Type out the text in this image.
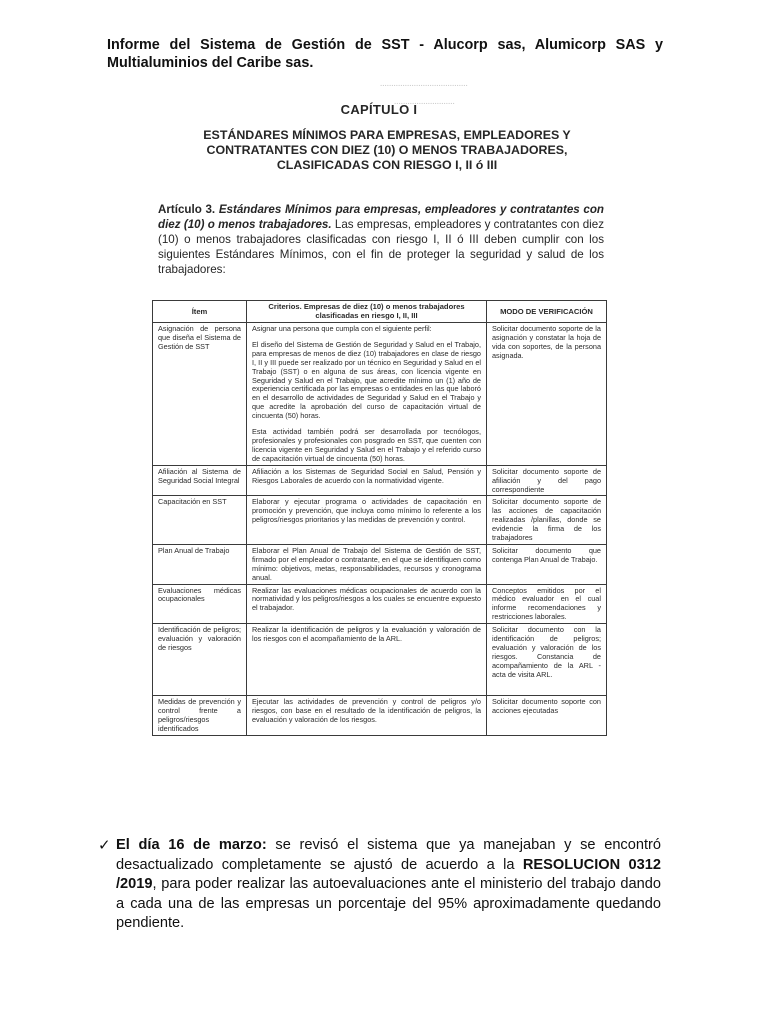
Informe del Sistema de Gestión de SST - Alucorp sas, Alumicorp SAS y Multialuminios del Caribe sas.
.......................................
...........................
CAPÍTULO I
ESTÁNDARES MÍNIMOS PARA EMPRESAS, EMPLEADORES Y CONTRATANTES CON DIEZ (10) O MENOS TRABAJADORES, CLASIFICADAS CON RIESGO I, II ó III
Artículo 3. Estándares Mínimos para empresas, empleadores y contratantes con diez (10) o menos trabajadores. Las empresas, empleadores y contratantes con diez (10) o menos trabajadores clasificadas con riesgo I, II ó III deben cumplir con los siguientes Estándares Mínimos, con el fin de proteger la seguridad y salud de los trabajadores:
Ítem	Criterios. Empresas de diez (10) o menos trabajadores clasificadas en riesgo I, II, III	MODO DE VERIFICACIÓN
Asignación de persona que diseña el Sistema de Gestión de SST	Asignar una persona que cumpla con el siguiente perfil:

El diseño del Sistema de Gestión de Seguridad y Salud en el Trabajo, para empresas de menos de diez (10) trabajadores en clase de riesgo I, II y III puede ser realizado por un técnico en Seguridad y Salud en el Trabajo (SST) o en alguna de sus áreas, con licencia vigente en Seguridad y Salud en el Trabajo, que acredite mínimo un (1) año de experiencia certificada por las empresas o entidades en las que laboró en el desarrollo de actividades de Seguridad y Salud en el Trabajo y que acredite la aprobación del curso de capacitación virtual de cincuenta (50) horas.

Esta actividad también podrá ser desarrollada por tecnólogos, profesionales y profesionales con posgrado en SST, que cuenten con licencia vigente en Seguridad y Salud en el Trabajo y el referido curso de capacitación virtual de cincuenta (50) horas.	Solicitar documento soporte de la asignación y constatar la hoja de vida con soportes, de la persona asignada.
Afiliación al Sistema de Seguridad Social Integral	Afiliación a los Sistemas de Seguridad Social en Salud, Pensión y Riesgos Laborales de acuerdo con la normatividad vigente.	Solicitar documento soporte de afiliación y del pago correspondiente
Capacitación en SST	Elaborar y ejecutar programa o actividades de capacitación en promoción y prevención, que incluya como mínimo lo referente a los peligros/riesgos prioritarios y las medidas de prevención y control.	Solicitar documento soporte de las acciones de capacitación realizadas /planillas, donde se evidencie la firma de los trabajadores
Plan Anual de Trabajo	Elaborar el Plan Anual de Trabajo del Sistema de Gestión de SST, firmado por el empleador o contratante, en el que se identifiquen como mínimo: objetivos, metas, responsabilidades, recursos y cronograma anual.	Solicitar documento que contenga Plan Anual de Trabajo.
Evaluaciones médicas ocupacionales	Realizar las evaluaciones médicas ocupacionales de acuerdo con la normatividad y los peligros/riesgos a los cuales se encuentre expuesto el trabajador.	Conceptos emitidos por el médico evaluador en el cual informe recomendaciones y restricciones laborales.
Identificación de peligros; evaluación y valoración de riesgos	Realizar la identificación de peligros y la evaluación y valoración de los riesgos con el acompañamiento de la ARL.	Solicitar documento con la identificación de peligros; evaluación y valoración de los riesgos. Constancia de acompañamiento de la ARL - acta de visita ARL.
Medidas de prevención y control frente a peligros/riesgos identificados	Ejecutar las actividades de prevención y control de peligros y/o riesgos, con base en el resultado de la identificación de peligros, la evaluación y valoración de los riesgos.	Solicitar documento soporte con acciones ejecutadas
✓ El día 16 de marzo: se revisó el sistema que ya manejaban y se encontró desactualizado completamente se ajustó de acuerdo a la RESOLUCION 0312 /2019, para poder realizar las autoevaluaciones ante el ministerio del trabajo dando a cada una de las empresas un porcentaje del 95% aproximadamente quedando pendiente.
